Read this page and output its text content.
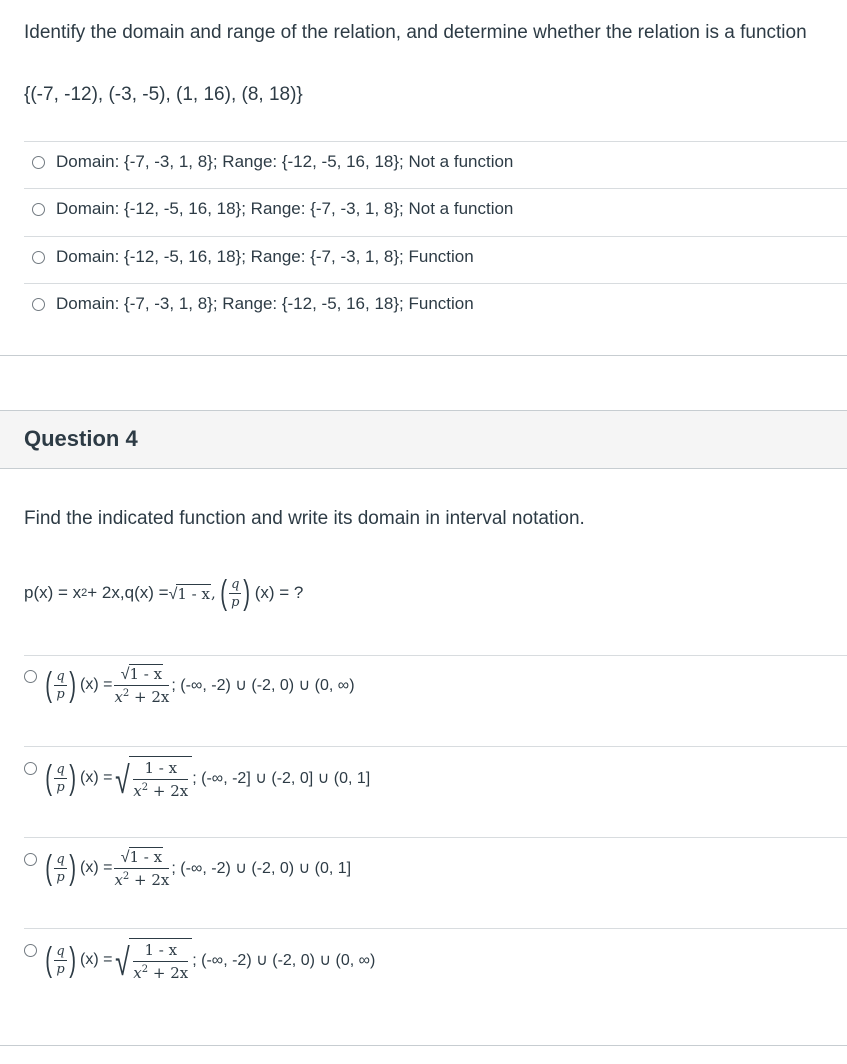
Identify the domain and range of the relation, and determine whether the relation is a function
{(-7, -12), (-3, -5), (1, 16), (8, 18)}
Domain: {-7, -3, 1, 8}; Range: {-12, -5, 16, 18}; Not a function
Domain: {-12, -5, 16, 18}; Range: {-7, -3, 1, 8}; Not a function
Domain: {-12, -5, 16, 18}; Range: {-7, -3, 1, 8}; Function
Domain: {-7, -3, 1, 8}; Range: {-12, -5, 16, 18}; Function
Question 4
Find the indicated function and write its domain in interval notation.
p(x) = x 2 + 2x, q(x) = √ 1 - x , ( $\frac{q}{p}$ ) (x) = ?
( $\frac{q}{p}$ ) $(x) = \frac{√ 1 - x}{x^2 + 2x}$ ; (-∞, -2) ∪ (-2, 0) ∪ (0, ∞)
( $\frac{q}{p}$ ) (x) = √ $\frac{1 - x}{x^2 + 2x}$ ; (-∞, -2] ∪ (-2, 0] ∪ (0, 1]
( $\frac{q}{p}$ ) $(x) = \frac{√ 1 - x}{x^2 + 2x}$ ; (-∞, -2) ∪ (-2, 0) ∪ (0, 1]
( $\frac{q}{p}$ ) (x) = √ $\frac{1 - x}{x^2 + 2x}$ ; (-∞, -2) ∪ (-2, 0) ∪ (0, ∞)
